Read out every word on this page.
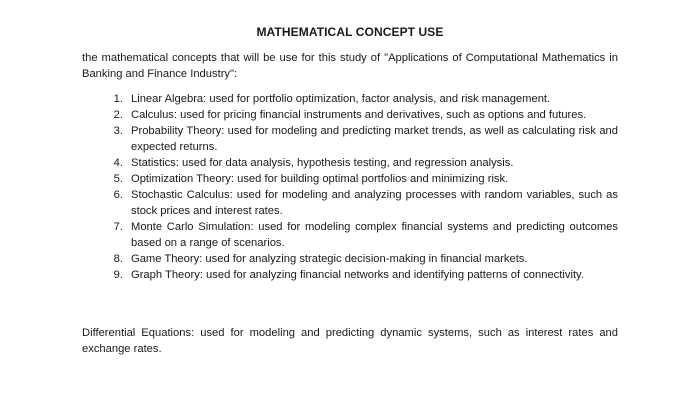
MATHEMATICAL CONCEPT USE
the mathematical concepts that will be use for this study of "Applications of Computational Mathematics in Banking and Finance Industry":
1. Linear Algebra: used for portfolio optimization, factor analysis, and risk management.
2. Calculus: used for pricing financial instruments and derivatives, such as options and futures.
3. Probability Theory: used for modeling and predicting market trends, as well as calculating risk and expected returns.
4. Statistics: used for data analysis, hypothesis testing, and regression analysis.
5. Optimization Theory: used for building optimal portfolios and minimizing risk.
6. Stochastic Calculus: used for modeling and analyzing processes with random variables, such as stock prices and interest rates.
7. Monte Carlo Simulation: used for modeling complex financial systems and predicting outcomes based on a range of scenarios.
8. Game Theory: used for analyzing strategic decision-making in financial markets.
9. Graph Theory: used for analyzing financial networks and identifying patterns of connectivity.
Differential Equations: used for modeling and predicting dynamic systems, such as interest rates and exchange rates.
